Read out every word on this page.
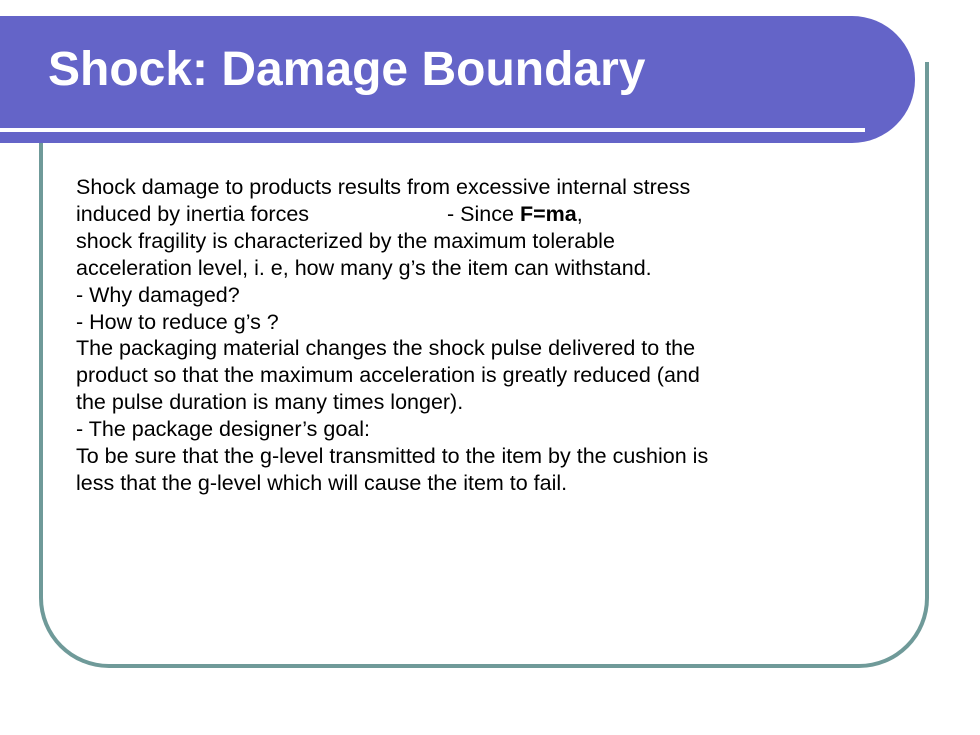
Shock: Damage Boundary
Shock damage to products results from excessive internal stress
induced by inertia forces	- Since F=ma,
shock fragility is characterized by the maximum tolerable
acceleration level, i. e, how many g’s the item can withstand.
- Why damaged?
- How to reduce g’s ?
The packaging material changes the shock pulse delivered to the
product so that the maximum acceleration is greatly reduced (and
the pulse duration is many times longer).
- The package designer’s goal:
To be sure that the g-level transmitted to the item by the cushion is
less that the g-level which will cause the item to fail.
